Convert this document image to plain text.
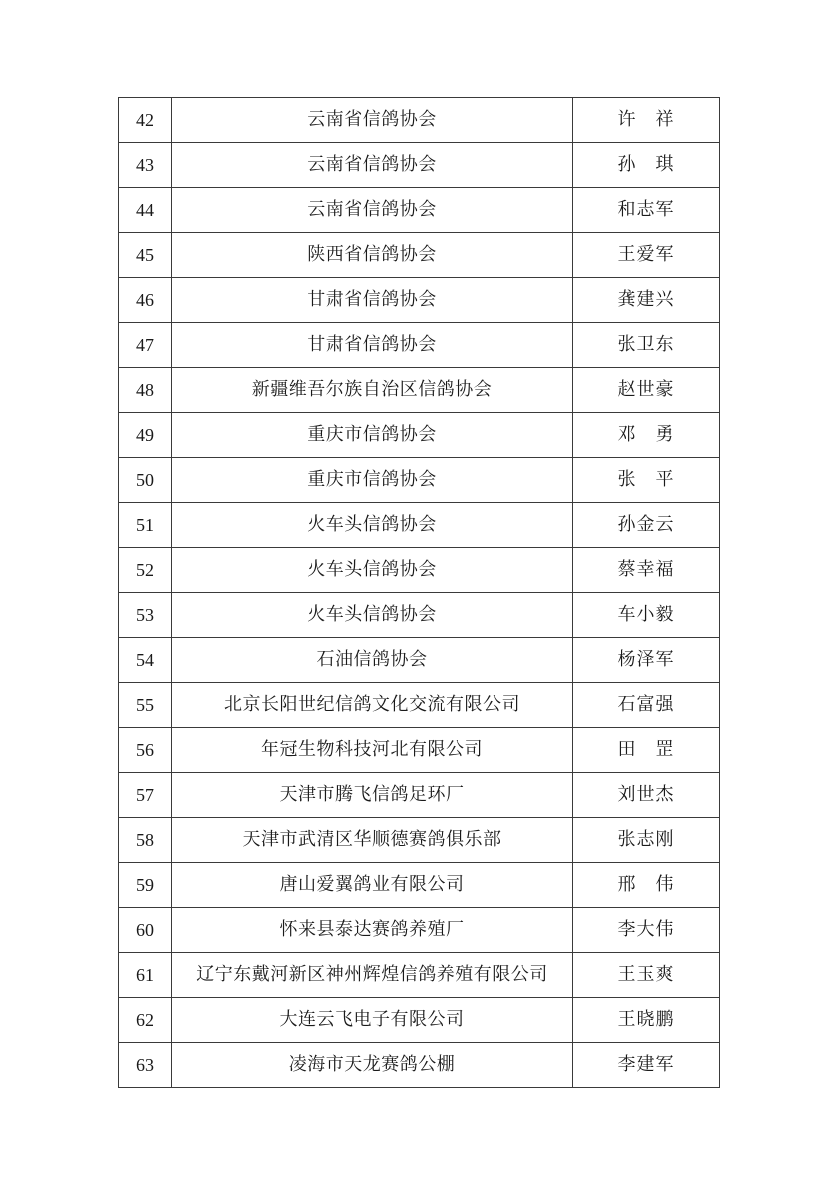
42	云南省信鸽协会	许　祥
43	云南省信鸽协会	孙　琪
44	云南省信鸽协会	和志军
45	陕西省信鸽协会	王爱军
46	甘肃省信鸽协会	龚建兴
47	甘肃省信鸽协会	张卫东
48	新疆维吾尔族自治区信鸽协会	赵世豪
49	重庆市信鸽协会	邓　勇
50	重庆市信鸽协会	张　平
51	火车头信鸽协会	孙金云
52	火车头信鸽协会	蔡幸福
53	火车头信鸽协会	车小毅
54	石油信鸽协会	杨泽军
55	北京长阳世纪信鸽文化交流有限公司	石富强
56	年冠生物科技河北有限公司	田　罡
57	天津市腾飞信鸽足环厂	刘世杰
58	天津市武清区华顺德赛鸽俱乐部	张志刚
59	唐山爱翼鸽业有限公司	邢　伟
60	怀来县泰达赛鸽养殖厂	李大伟
61	辽宁东戴河新区神州辉煌信鸽养殖有限公司	王玉爽
62	大连云飞电子有限公司	王晓鹏
63	凌海市天龙赛鸽公棚	李建军
